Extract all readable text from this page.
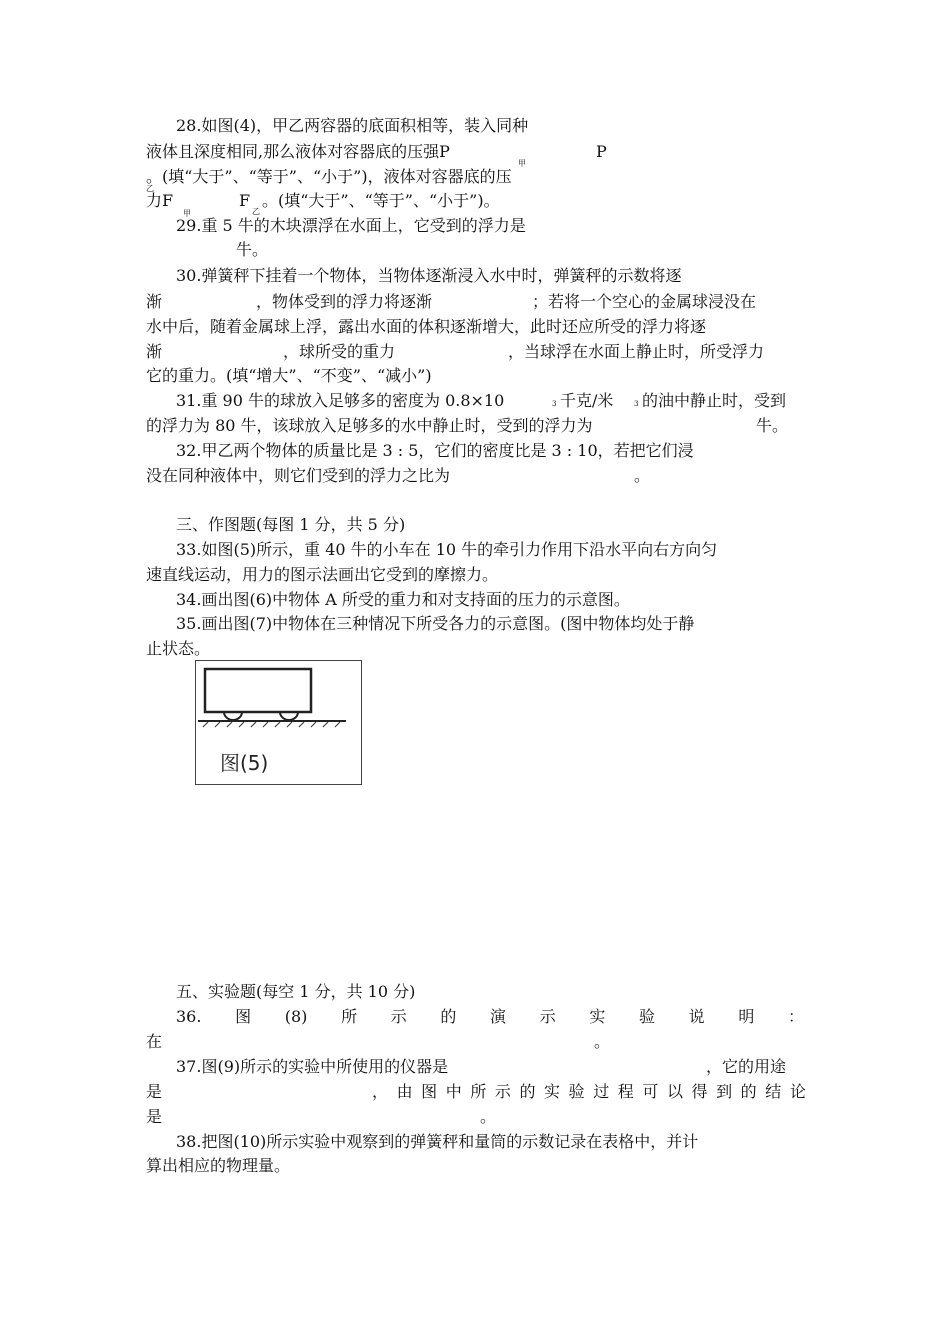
28.如图(4)，甲乙两容器的底面积相等，装入同种
液体且深度相同,那么液体对容器底的压强P	P
甲
乙
。(填“大于”、“等于”、“小于”)，液体对容器底的压
力F	F 。(填“大于”、“等于”、“小于”)。
甲	乙
29.重 5 牛的木块漂浮在水面上，它受到的浮力是
牛。
30.弹簧秤下挂着一个物体，当物体逐渐浸入水中时，弹簧秤的示数将逐
渐	，物体受到的浮力将逐渐	；若将一个空心的金属球浸没在
水中后，随着金属球上浮，露出水面的体积逐渐增大，此时还应所受的浮力将逐
渐	，球所受的重力	，当球浮在水面上静止时，所受浮力
它的重力。(填“增大”、“不变”、“减小”)
31.重 90 牛的球放入足够多的密度为 0.8×10	3 千克/米	3 的油中静止时，受到
的浮力为 80 牛，该球放入足够多的水中静止时，受到的浮力为	牛。
32.甲乙两个物体的质量比是 3 : 5，它们的密度比是 3 : 10，若把它们浸
没在同种液体中，则它们受到的浮力之比为	。
三、作图题(每图 1 分，共 5 分)
33.如图(5)所示，重 40 牛的小车在 10 牛的牵引力作用下沿水平向右方向匀
速直线运动，用力的图示法画出它受到的摩擦力。
34.画出图(6)中物体 A 所受的重力和对支持面的压力的示意图。
35.画出图(7)中物体在三种情况下所受各力的示意图。(图中物体均处于静
止状态。
图(5)
五、实验题(每空 1 分，共 10 分)
36. 图 (8) 所 示 的 演 示 实 验 说 明 ：
在	。
37.图(9)所示的实验中所使用的仪器是	，它的用途
是	， 由 图 中 所 示 的 实 验 过 程 可 以 得 到 的 结 论
是	。
38.把图(10)所示实验中观察到的弹簧秤和量筒的示数记录在表格中，并计
算出相应的物理量。
